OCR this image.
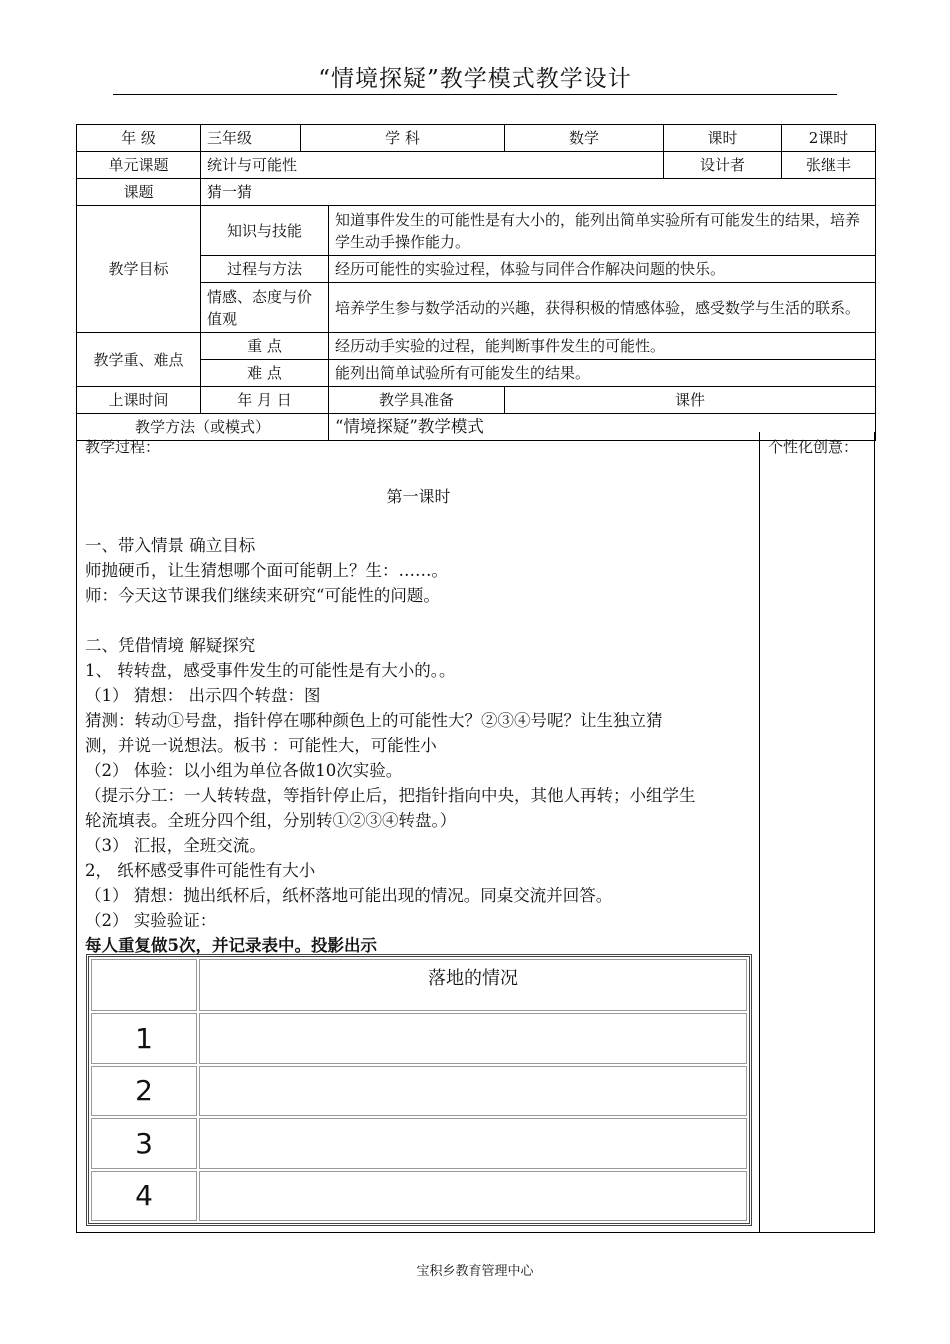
“情境探疑”教学模式教学设计
年 级	三年级	学 科		数学	课时	2课时
单元课题	统计与可能性				设计者	张继丰
课题	猜一猜					
教学目标	知识与技能		知道事件发生的可能性是有大小的，能列出简单实验所有可能发生的结果，培养学生动手操作能力。			
	过程与方法		经历可能性的实验过程，体验与同伴合作解决问题的快乐。			
	情感、态度与价值观		培养学生参与数学活动的兴趣，获得积极的情感体验，感受数学与生活的联系。			
教学重、难点	重 点		经历动手实验的过程，能判断事件发生的可能性。			
	难 点		能列出简单试验所有可能发生的结果。			
上课时间	年 月 日		教学具准备	课件		
教学方法（或模式）			“情境探疑”教学模式			
教学过程：
第一课时
一、带入情景 确立目标
师抛硬币，让生猜想哪个面可能朝上？生：……。
师：今天这节课我们继续来研究“可能性的问题。
二、凭借情境 解疑探究
1、 转转盘，感受事件发生的可能性是有大小的。。
（1） 猜想： 出示四个转盘：图
猜测：转动①号盘，指针停在哪种颜色上的可能性大？②③④号呢？让生独立猜
测，并说一说想法。板书 ：可能性大，可能性小
（2） 体验：以小组为单位各做10次实验。
（提示分工：一人转转盘，等指针停止后，把指针指向中央，其他人再转；小组学生
轮流填表。全班分四个组，分别转①②③④转盘。）
（3） 汇报，全班交流。
2， 纸杯感受事件可能性有大小
（1） 猜想：抛出纸杯后，纸杯落地可能出现的情况。同桌交流并回答。
（2） 实验验证：
每人重复做5次，并记录表中。投影出示
	落地的情况
1	
2	
3	
4	
个性化创意：
宝积乡教育管理中心
